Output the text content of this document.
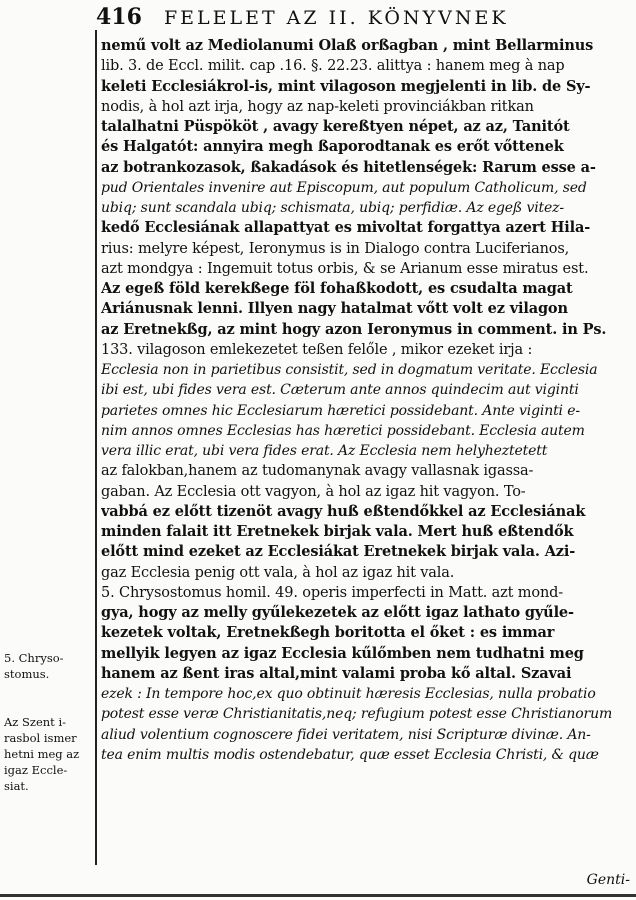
416 FELELET AZ II. KÖNYVNEK
5. Chryso-
stomus.
Az Szent i-
rasbol ismer
hetni meg az
igaz Eccle-
siat.
nemű volt az Mediolanumi Olaß orßagban , mint Bellarminus
lib. 3. de Eccl. milit. cap .16. §. 22.23. alittya : hanem meg à nap
keleti Ecclesiákrol-is, mint vilagoson megjelenti in lib. de Sy-
nodis, à hol azt irja, hogy az nap-keleti provinciákban ritkan
talalhatni Püspököt , avagy kereßtyen népet, az az, Tanitót
és Halgatót: annyira megh ßaporodtanak es erőt vőttenek
az botrankozasok, ßakadások és hitetlenségek: Rarum esse a-
pud Orientales invenire aut Episcopum, aut populum Catholicum, sed
ubiq; sunt scandala ubiq; schismata, ubiq; perfidiæ. Az egeß vitez-
kedő Ecclesiának allapattyat es mivoltat forgattya azert Hila-
rius: melyre képest, Ieronymus is in Dialogo contra Luciferianos,
azt mondgya : Ingemuit totus orbis, & se Arianum esse miratus est.
Az egeß föld kerekßege föl fohaßkodott, es csudalta magat
Ariánusnak lenni. Illyen nagy hatalmat vőtt volt ez vilagon
az Eretnekßg, az mint hogy azon Ieronymus in comment. in Ps.
133. vilagoson emlekezetet teßen felőle , mikor ezeket irja :
Ecclesia non in parietibus consistit, sed in dogmatum veritate. Ecclesia
ibi est, ubi fides vera est. Cæterum ante annos quindecim aut viginti
parietes omnes hic Ecclesiarum hæretici possidebant. Ante viginti e-
nim annos omnes Ecclesias has hæretici possidebant. Ecclesia autem
vera illic erat, ubi vera fides erat. Az Ecclesia nem helyheztetett
az falokban,hanem az tudomanynak avagy vallasnak igassa-
gaban. Az Ecclesia ott vagyon, à hol az igaz hit vagyon. To-
vabbá ez előtt tizenöt avagy huß eßtendőkkel az Ecclesiának
minden falait itt Eretnekek birjak vala. Mert huß eßtendők
előtt mind ezeket az Ecclesiákat Eretnekek birjak vala. Azi-
gaz Ecclesia penig ott vala, à hol az igaz hit vala.
5. Chrysostomus homil. 49. operis imperfecti in Matt. azt mond-
gya, hogy az melly gyűlekezetek az előtt igaz lathato gyűle-
kezetek voltak, Eretnekßegh boritotta el őket : es immar
mellyik legyen az igaz Ecclesia kűlőmben nem tudhatni meg
hanem az ßent iras altal,mint valami proba kő altal. Szavai
ezek : In tempore hoc,ex quo obtinuit hæresis Ecclesias, nulla probatio
potest esse veræ Christianitatis,neq; refugium potest esse Christianorum
aliud volentium cognoscere fidei veritatem, nisi Scripturæ divinæ. An-
tea enim multis modis ostendebatur, quæ esset Ecclesia Christi, & quæ
Genti-
